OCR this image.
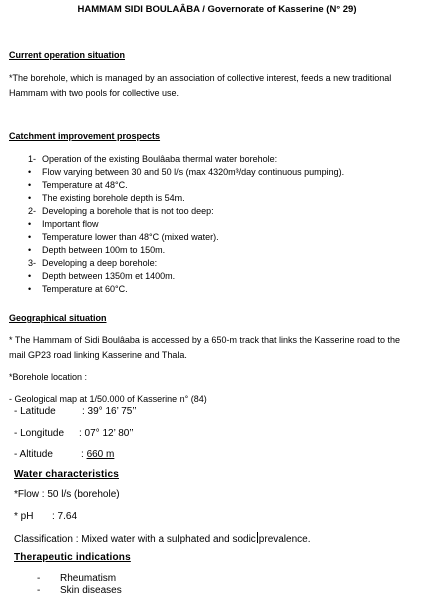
HAMMAM SIDI BOULAÂBA / Governorate of Kasserine (N° 29)
Current operation situation
*The borehole, which is managed by an association of collective interest, feeds a new traditional Hammam with two pools for collective use.
Catchment improvement prospects
1- Operation of the existing Boulâaba thermal water borehole:
• Flow varying between 30 and 50 l/s (max 4320m³/day continuous pumping).
• Temperature at 48°C.
• The existing borehole depth is 54m.
2- Developing a borehole that is not too deep:
• Important flow
• Temperature lower than 48°C (mixed water).
• Depth between 100m to 150m.
3- Developing a deep borehole:
• Depth between 1350m et 1400m.
• Temperature at 60°C.
Geographical situation
* The Hammam of Sidi Boulâaba is accessed by a 650-m track that links the Kasserine road to the mail GP23 road linking Kasserine and Thala.
*Borehole location :
- Geological map at 1/50.000 of Kasserine n° (84)
- Latitude	: 39° 16’ 75’’
- Longitude : 07° 12’ 80’’
- Altitude	: 660 m
Water characteristics
*Flow : 50 l/s (borehole)
* pH : 7.64
Classification : Mixed water with a sulphated and sodic prevalence.
Therapeutic indications
- Rheumatism
- Skin diseases
